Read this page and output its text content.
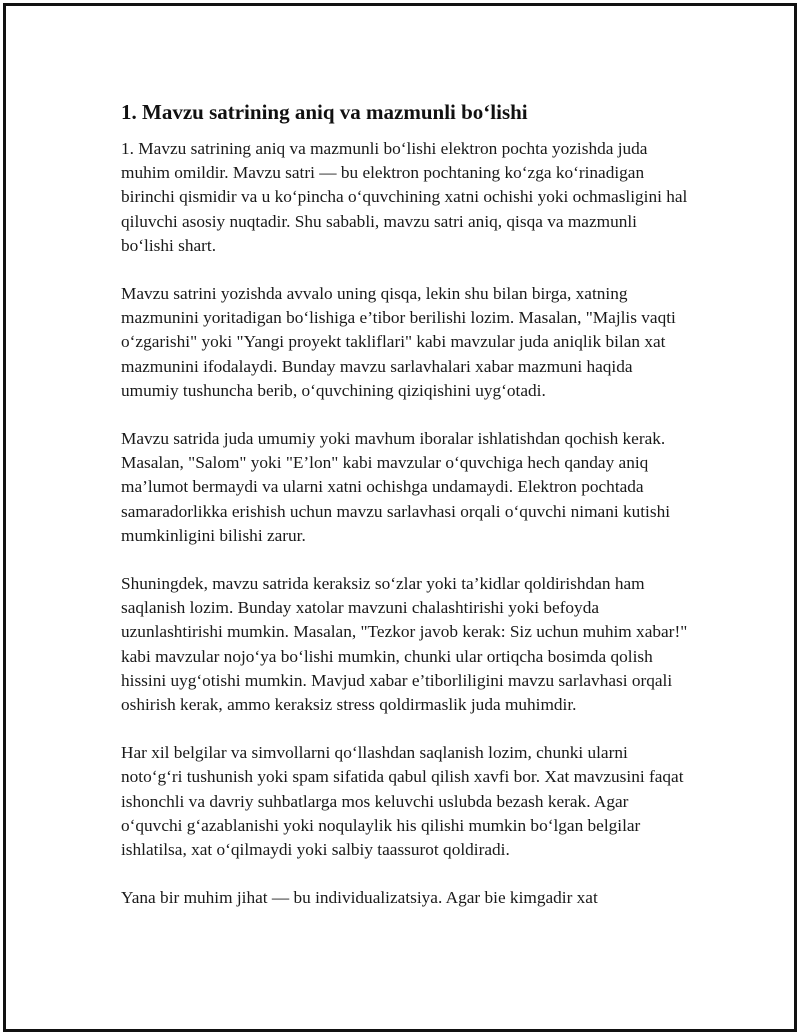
1. Mavzu satrining aniq va mazmunli bo‘lishi

1. Mavzu satrining aniq va mazmunli bo‘lishi elektron pochta yozishda juda muhim omildir. Mavzu satri — bu elektron pochtaning ko‘zga ko‘rinadigan birinchi qismidir va u ko‘pincha o‘quvchining xatni ochishi yoki ochmasligini hal qiluvchi asosiy nuqtadir. Shu sababli, mavzu satri aniq, qisqa va mazmunli bo‘lishi shart.

Mavzu satrini yozishda avvalo uning qisqa, lekin shu bilan birga, xatning mazmunini yoritadigan bo‘lishiga e’tibor berilishi lozim. Masalan, "Majlis vaqti o‘zgarishi" yoki "Yangi proyekt takliflari" kabi mavzular juda aniqlik bilan xat mazmunini ifodalaydi. Bunday mavzu sarlavhalari xabar mazmuni haqida umumiy tushuncha berib, o‘quvchining qiziqishini uyg‘otadi.

Mavzu satrida juda umumiy yoki mavhum iboralar ishlatishdan qochish kerak. Masalan, "Salom" yoki "E’lon" kabi mavzular o‘quvchiga hech qanday aniq ma’lumot bermaydi va ularni xatni ochishga undamaydi. Elektron pochtada samaradorlikka erishish uchun mavzu sarlavhasi orqali o‘quvchi nimani kutishi mumkinligini bilishi zarur.

Shuningdek, mavzu satrida keraksiz so‘zlar yoki ta’kidlar qoldirishdan ham saqlanish lozim. Bunday xatolar mavzuni chalashtirishi yoki befoyda uzunlashtirishi mumkin. Masalan, "Tezkor javob kerak: Siz uchun muhim xabar!" kabi mavzular nojo‘ya bo‘lishi mumkin, chunki ular ortiqcha bosimda qolish hissini uyg‘otishi mumkin. Mavjud xabar e’tiborliligini mavzu sarlavhasi orqali oshirish kerak, ammo keraksiz stress qoldirmaslik juda muhimdir.

Har xil belgilar va simvollarni qo‘llashdan saqlanish lozim, chunki ularni noto‘g‘ri tushunish yoki spam sifatida qabul qilish xavfi bor. Xat mavzusini faqat ishonchli va davriy suhbatlarga mos keluvchi uslubda bezash kerak. Agar o‘quvchi g‘azablanishi yoki noqulaylik his qilishi mumkin bo‘lgan belgilar ishlatilsa, xat o‘qilmaydi yoki salbiy taassurot qoldiradi.

Yana bir muhim jihat — bu individualizatsiya. Agar bie kimgadir xat
